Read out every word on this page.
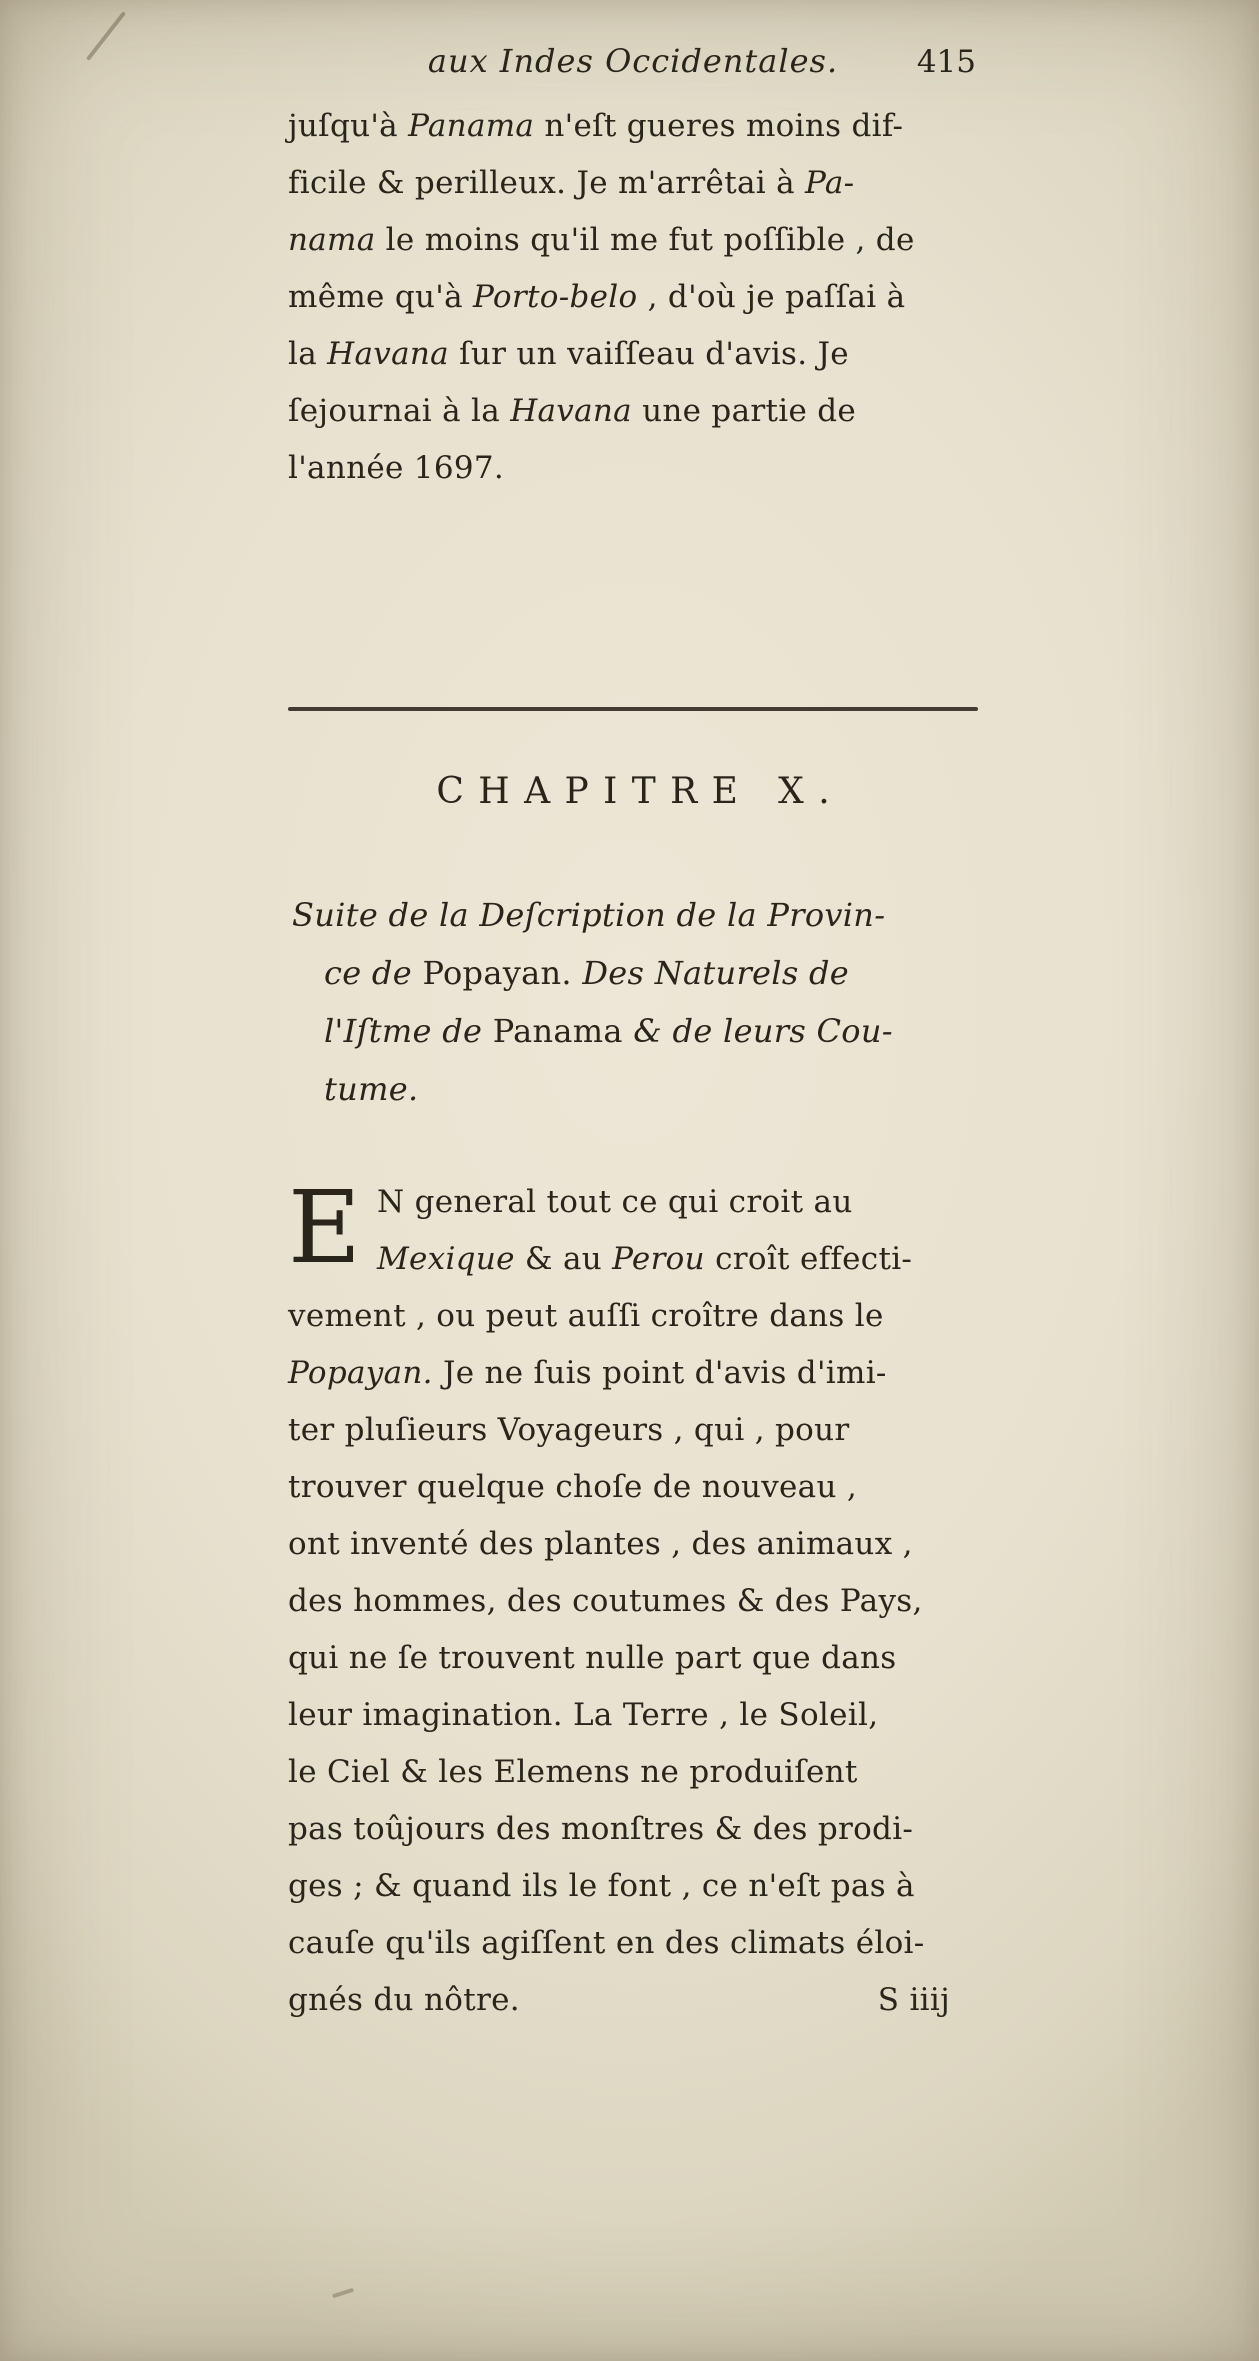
aux Indes Occidentales.	415
juſqu'à Panama n'eſt gueres moins dif-
ficile & perilleux. Je m'arrêtai à Pa-
nama le moins qu'il me fut poſſible , de
même qu'à Porto-belo , d'où je paſſai à
la Havana ſur un vaiſſeau d'avis. Je
ſejournai à la Havana une partie de
l'année 1697.
CHAPITRE X.
Suite de la Deſcription de la Provin-
ce de Popayan. Des Naturels de
l'Iſtme de Panama & de leurs Cou-
tume.
E N general tout ce qui croit au
Mexique & au Perou croît effecti-
vement , ou peut auſſi croître dans le
Popayan. Je ne ſuis point d'avis d'imi-
ter pluſieurs Voyageurs , qui , pour
trouver quelque choſe de nouveau ,
ont inventé des plantes , des animaux ,
des hommes, des coutumes & des Pays,
qui ne ſe trouvent nulle part que dans
leur imagination. La Terre , le Soleil,
le Ciel & les Elemens ne produiſent
pas toûjours des monſtres & des prodi-
ges ; & quand ils le font , ce n'eſt pas à
cauſe qu'ils agiſſent en des climats éloi-
gnés du nôtre.	S iiij
